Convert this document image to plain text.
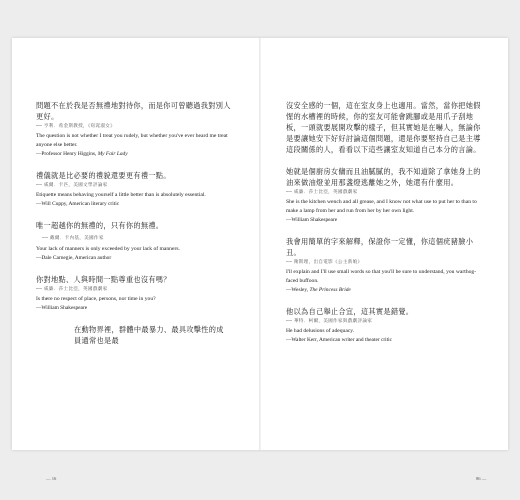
問題不在於我是否無禮地對待你，而是你可曾聽過我對別人更好。

── 亨利．希金斯教授，《窈窕淑女》

The question is not whether I treat you rudely, but whether you've ever heard me treat anyone else better.

—Professor Henry Higgins, My Fair Lady

禮儀就是比必要的禮貌還要更有禮一點。

── 威爾．卡匹，美國文學評論家

Etiquette means behaving yourself a little better than is absolutely essential.

—Will Cuppy, American literary critic

唯一超越你的無禮的，只有你的無禮。── 戴爾．卡內基，美國作家

Your lack of manners is only exceeded by your lack of manners.

—Dale Carnegie, American author

你對地點、人與時間一點尊重也沒有嗎？

── 威廉．莎士比亞，英國戲劇家

Is there no respect of place, persons, nor time in you?

—William Shakespeare

在動物界裡，群體中最暴力、最具攻擊性的成員通常也是最

— 16

沒安全感的一個，這在室友身上也適用。當然，當你把她假惺的水槽裡的時候，你的室友可能會跳腳或是用爪子刮地板，一頭就要展開攻擊的樣子，但其實她是在嚇人，無論你是要讓她安下好好討論這個問題，還是你要堅持自己是主導這段關係的人，看看以下這些讓室友知道自己本分的言論。

她就是個廚房女傭而且油膩膩的，我不知道除了拿她身上的油來做油燈並用那盞燈逃離她之外，她還有什麼用。

── 威廉．莎士比亞，英國戲劇家

She is the kitchen wench and all grease, and I know not what use to put her to than to make a lamp from her and run from her by her own light.

—William Shakespeare

我會用簡單的字來解釋，保證你一定懂，你這個疣豬臉小丑。

── 衛斯理，出自電影《公主新娘》

I'll explain and I'll use small words so that you'll be sure to understand, you warthog-faced buffoon.

—Wesley, The Princess Bride

他以為自己舉止合宜，這其實是錯覺。

── 華特．柯爾，美國作家與戲劇評論家

He had delusions of adequacy.

—Walter Kerr, American writer and theater critic

86 —
